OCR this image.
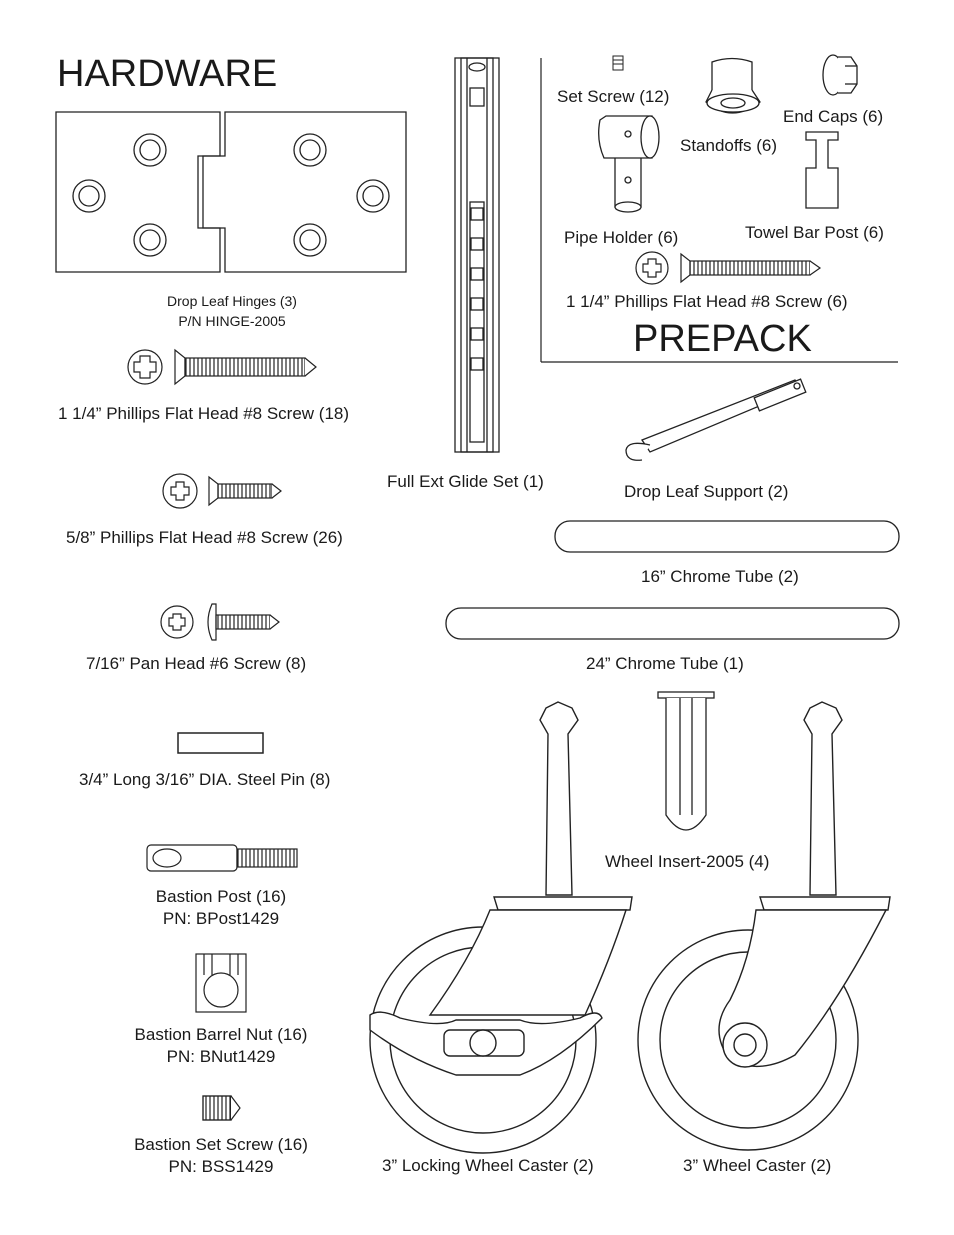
HARDWARE
PREPACK
Drop Leaf Hinges (3)
P/N HINGE-2005
1 1/4” Phillips Flat Head #8 Screw (18)
Full Ext Glide Set (1)
5/8” Phillips Flat Head #8 Screw (26)
7/16” Pan Head #6 Screw (8)
3/4” Long 3/16” DIA. Steel Pin (8)
Bastion Post (16)
PN: BPost1429
Bastion Barrel Nut (16)
PN: BNut1429
Bastion Set Screw (16)
PN: BSS1429
Set Screw (12)
End Caps (6)
Standoffs (6)
Towel Bar Post (6)
Pipe Holder (6)
1 1/4” Phillips Flat Head #8 Screw (6)
Drop Leaf Support (2)
16” Chrome Tube (2)
24” Chrome Tube (1)
Wheel Insert-2005 (4)
3” Locking Wheel Caster (2)	3” Wheel Caster (2)
